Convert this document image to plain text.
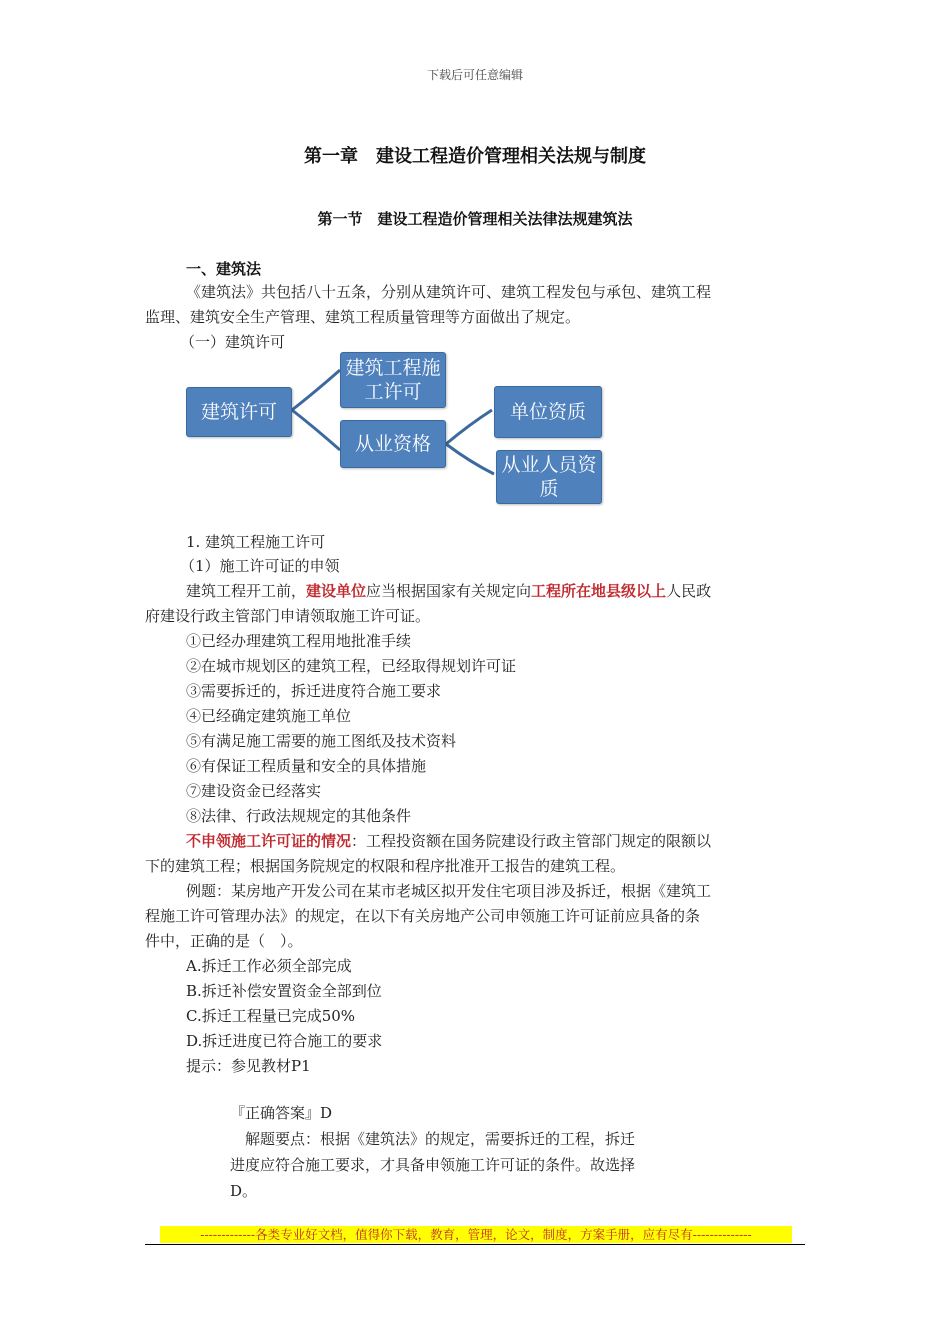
下载后可任意编辑
第一章　建设工程造价管理相关法规与制度
第一节　建设工程造价管理相关法律法规建筑法
一、建筑法
《建筑法》共包括八十五条，分别从建筑许可、建筑工程发包与承包、建筑工程
监理、建筑安全生产管理、建筑工程质量管理等方面做出了规定。
（一）建筑许可
建筑许可
建筑工程施
工许可
从业资格
单位资质
从业人员资
质
1. 建筑工程施工许可
（1）施工许可证的申领
建筑工程开工前，建设单位应当根据国家有关规定向工程所在地县级以上人民政
府建设行政主管部门申请领取施工许可证。
①已经办理建筑工程用地批准手续
②在城市规划区的建筑工程，已经取得规划许可证
③需要拆迁的，拆迁进度符合施工要求
④已经确定建筑施工单位
⑤有满足施工需要的施工图纸及技术资料
⑥有保证工程质量和安全的具体措施
⑦建设资金已经落实
⑧法律、行政法规规定的其他条件
不申领施工许可证的情况：工程投资额在国务院建设行政主管部门规定的限额以
下的建筑工程；根据国务院规定的权限和程序批准开工报告的建筑工程。
例题：某房地产开发公司在某市老城区拟开发住宅项目涉及拆迁，根据《建筑工
程施工许可管理办法》的规定，在以下有关房地产公司申领施工许可证前应具备的条
件中，正确的是（　）。
A.拆迁工作必须全部完成
B.拆迁补偿安置资金全部到位
C.拆迁工程量已完成50%
D.拆迁进度已符合施工的要求
提示：参见教材P1
『正确答案』D
　解题要点：根据《建筑法》的规定，需要拆迁的工程，拆迁
进度应符合施工要求，才具备申领施工许可证的条件。故选择
D。
-------------各类专业好文档，值得你下载，教育，管理，论文，制度，方案手册，应有尽有--------------
